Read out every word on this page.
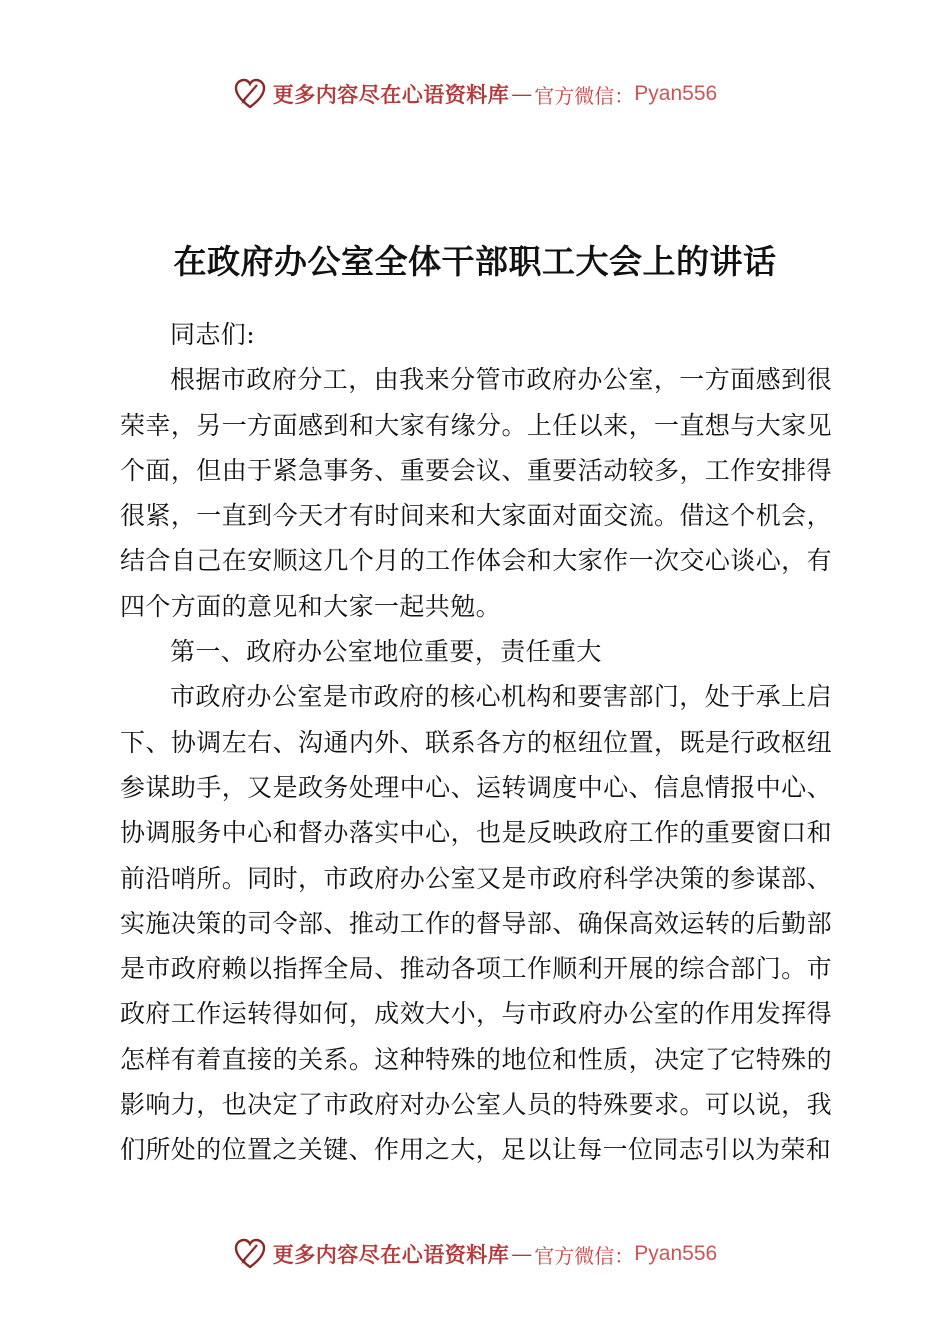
更多内容尽在心语资料库 — 官方微信： Pyan556
在政府办公室全体干部职工大会上的讲话

同志们:

根据市政府分工，由我来分管市政府办公室，一方面感到很荣幸，另一方面感到和大家有缘分。上任以来，一直想与大家见个面，但由于紧急事务、重要会议、重要活动较多，工作安排得很紧，一直到今天才有时间来和大家面对面交流。借这个机会，结合自己在安顺这几个月的工作体会和大家作一次交心谈心，有四个方面的意见和大家一起共勉。

第一、政府办公室地位重要，责任重大

市政府办公室是市政府的核心机构和要害部门，处于承上启下、协调左右、沟通内外、联系各方的枢纽位置，既是行政枢纽参谋助手，又是政务处理中心、运转调度中心、信息情报中心、协调服务中心和督办落实中心，也是反映政府工作的重要窗口和前沿哨所。同时，市政府办公室又是市政府科学决策的参谋部、实施决策的司令部、推动工作的督导部、确保高效运转的后勤部是市政府赖以指挥全局、推动各项工作顺利开展的综合部门。市政府工作运转得如何，成效大小，与市政府办公室的作用发挥得怎样有着直接的关系。这种特殊的地位和性质，决定了它特殊的影响力，也决定了市政府对办公室人员的特殊要求。可以说，我们所处的位置之关键、作用之大，足以让每一位同志引以为荣和

更多内容尽在心语资料库 — 官方微信： Pyan556
